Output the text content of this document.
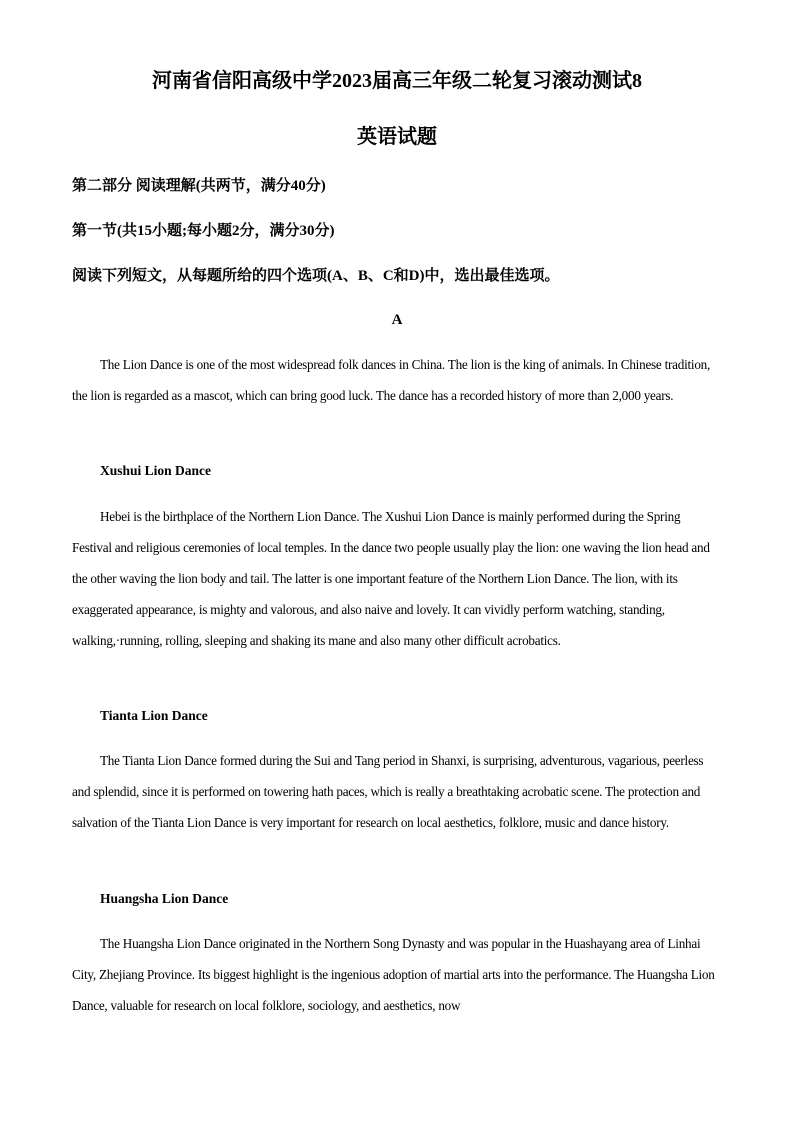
河南省信阳高级中学2023届高三年级二轮复习滚动测试8
英语试题

第二部分 阅读理解(共两节，满分40分)

第一节(共15小题;每小题2分，满分30分)

阅读下列短文，从每题所给的四个选项(A、B、C和D)中，选出最佳选项。

A

The Lion Dance is one of the most widespread folk dances in China. The lion is the king of animals. In Chinese tradition, the lion is regarded as a mascot, which can bring good luck. The dance has a recorded history of more than 2,000 years.

Xushui Lion Dance

Hebei is the birthplace of the Northern Lion Dance. The Xushui Lion Dance is mainly performed during the Spring Festival and religious ceremonies of local temples. In the dance two people usually play the lion: one waving the lion head and the other waving the lion body and tail. The latter is one important feature of the Northern Lion Dance. The lion, with its exaggerated appearance, is mighty and valorous, and also naive and lovely. It can vividly perform watching, standing, walking,·running, rolling, sleeping and shaking its mane and also many other difficult acrobatics.

Tianta Lion Dance

The Tianta Lion Dance formed during the Sui and Tang period in Shanxi, is surprising, adventurous, vagarious, peerless and splendid, since it is performed on towering hath paces, which is really a breathtaking acrobatic scene. The protection and salvation of the Tianta Lion Dance is very important for research on local aesthetics, folklore, music and dance history.

Huangsha Lion Dance

The Huangsha Lion Dance originated in the Northern Song Dynasty and was popular in the Huashayang area of Linhai City, Zhejiang Province. Its biggest highlight is the ingenious adoption of martial arts into the performance. The Huangsha Lion Dance, valuable for research on local folklore, sociology, and aesthetics, now
